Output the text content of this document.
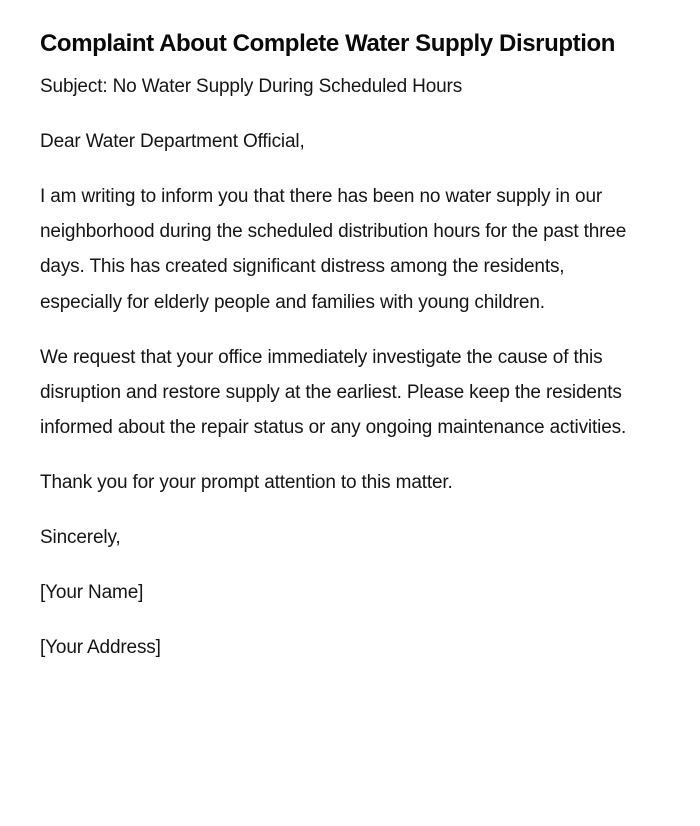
Complaint About Complete Water Supply Disruption

Subject: No Water Supply During Scheduled Hours

Dear Water Department Official,

I am writing to inform you that there has been no water supply in our neighborhood during the scheduled distribution hours for the past three days. This has created significant distress among the residents, especially for elderly people and families with young children.

We request that your office immediately investigate the cause of this disruption and restore supply at the earliest. Please keep the residents informed about the repair status or any ongoing maintenance activities.

Thank you for your prompt attention to this matter.

Sincerely,

[Your Name]

[Your Address]
